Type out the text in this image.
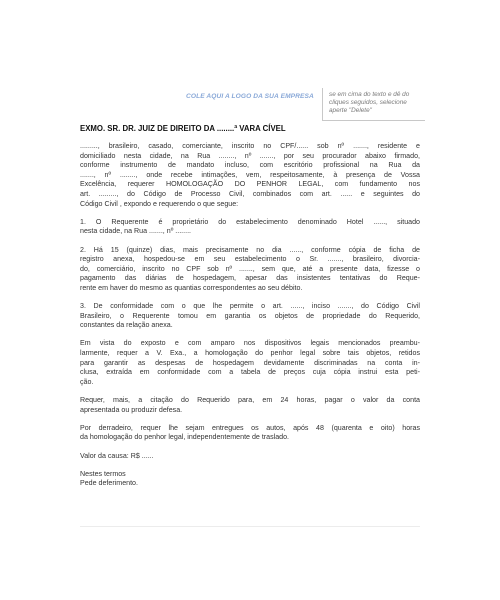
COLE AQUI A LOGO DA SUA EMPRESA se em cima do texto e dê do
cliques seguidos, selecione
aperte "Delete"
EXMO. SR. DR. JUIZ DE DIREITO DA ........ª VARA CÍVEL

........., brasileiro, casado, comerciante, inscrito no CPF/...... sob nº ......., residente e
domiciliado nesta cidade, na Rua ........, nº ......., por seu procurador abaixo firmado,
conforme instrumento de mandato incluso, com escritório profissional na Rua da
......., nº ........, onde recebe intimações, vem, respeitosamente, à presença de Vossa
Excelência, requerer HOMOLOGAÇÃO DO PENHOR LEGAL, com fundamento nos
art. ........., do Código de Processo Civil, combinados com art. ...... e seguintes do
Código Civil , expondo e requerendo o que segue:

1. O Requerente é proprietário do estabelecimento denominado Hotel ......, situado
nesta cidade, na Rua ......., nº ........

2. Há 15 (quinze) dias, mais precisamente no dia ......, conforme cópia de ficha de
registro anexa, hospedou-se em seu estabelecimento o Sr. ......., brasileiro, divorcia-
do, comerciário, inscrito no CPF sob nº ......., sem que, até a presente data, fizesse o
pagamento das diárias de hospedagem, apesar das insistentes tentativas do Reque-
rente em haver do mesmo as quantias correspondentes ao seu débito.

3. De conformidade com o que lhe permite o art. ......, inciso ......., do Código Civil
Brasileiro, o Requerente tomou em garantia os objetos de propriedade do Requerido,
constantes da relação anexa.

Em vista do exposto e com amparo nos dispositivos legais mencionados preambu-
larmente, requer a V. Exa., a homologação do penhor legal sobre tais objetos, retidos
para garantir as despesas de hospedagem devidamente discriminadas na conta in-
clusa, extraída em conformidade com a tabela de preços cuja cópia instrui esta peti-
ção.

Requer, mais, a citação do Requerido para, em 24 horas, pagar o valor da conta
apresentada ou produzir defesa.

Por derradeiro, requer lhe sejam entregues os autos, após 48 (quarenta e oito) horas
da homologação do penhor legal, independentemente de traslado.

Valor da causa: R$ ......

Nestes termos
Pede deferimento.
